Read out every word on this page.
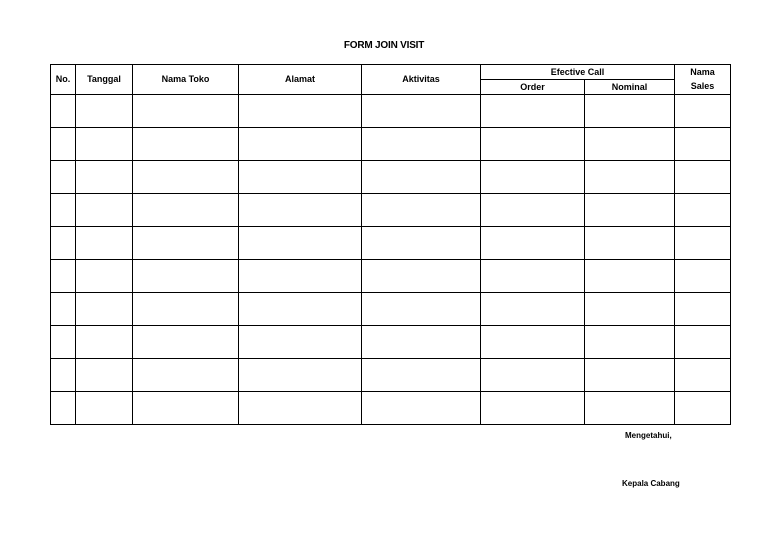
FORM JOIN VISIT
No.	Tanggal	Nama Toko	Alamat	Aktivitas	Efective Call		Nama
					Order	Nominal	Sales

Mengetahui,
Kepala Cabang
